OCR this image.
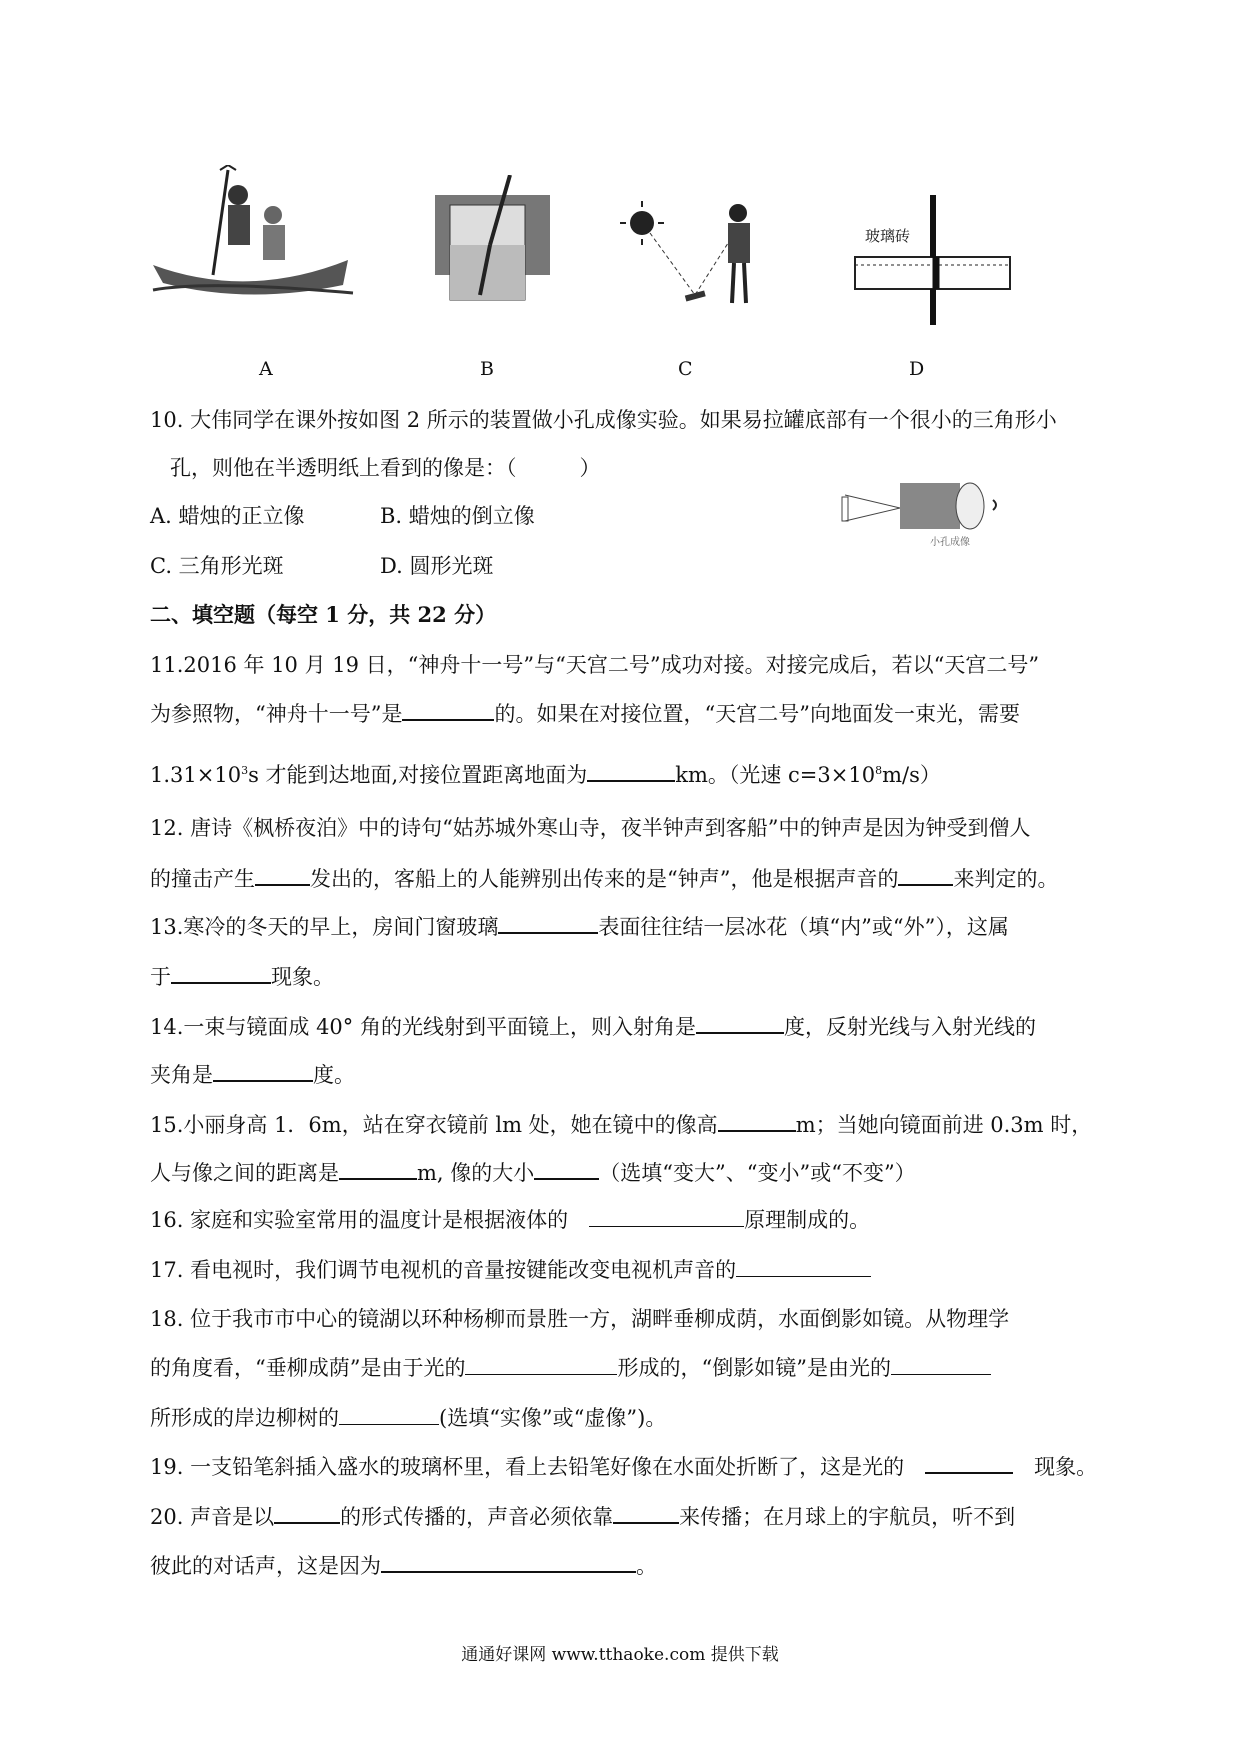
玻璃砖
A	B	C	D
10. 大伟同学在课外按如图 2 所示的装置做小孔成像实验。如果易拉罐底部有一个很小的三角形小
孔，则他在半透明纸上看到的像是：（　　　）
A. 蜡烛的正立像	B. 蜡烛的倒立像
C. 三角形光斑	D. 圆形光斑
小孔成像
二、填空题（每空 1 分，共 22 分）
11.2016 年 10 月 19 日，“神舟十一号”与“天宫二号”成功对接。对接完成后，若以“天宫二号”
为参照物，“神舟十一号”是	的。如果在对接位置，“天宫二号”向地面发一束光，需要
$1.31\times 10^3s$ 才能到达地面,对接位置距离地面为	km。（光速 $c=3\times 10^8m/s$）
12. 唐诗《枫桥夜泊》中的诗句“姑苏城外寒山寺，夜半钟声到客船”中的钟声是因为钟受到僧人
的撞击产生	发出的，客船上的人能辨别出传来的是“钟声”，他是根据声音的	来判定的。
13.寒冷的冬天的早上，房间门窗玻璃	表面往往结一层冰花（填“内”或“外”），这属
于	现象。
14.一束与镜面成 40° 角的光线射到平面镜上，则入射角是	度，反射光线与入射光线的
夹角是	度。
15.小丽身高 1．6m，站在穿衣镜前 lm 处，她在镜中的像高	m；当她向镜面前进 0.3m 时，
人与像之间的距离是	m, 像的大小	（选填“变大”、“变小”或“不变”）
16. 家庭和实验室常用的温度计是根据液体的　	原理制成的。
17. 看电视时，我们调节电视机的音量按键能改变电视机声音的
18. 位于我市市中心的镜湖以环种杨柳而景胜一方，湖畔垂柳成荫，水面倒影如镜。从物理学
的角度看，“垂柳成荫”是由于光的	形成的，“倒影如镜”是由光的
所形成的岸边柳树的	(选填“实像”或“虚像”)。
19. 一支铅笔斜插入盛水的玻璃杯里，看上去铅笔好像在水面处折断了，这是光的　　	现象。
20. 声音是以	的形式传播的，声音必须依靠	来传播；在月球上的宇航员，听不到
彼此的对话声，这是因为	。
通通好课网 www.tthaoke.com 提供下载
